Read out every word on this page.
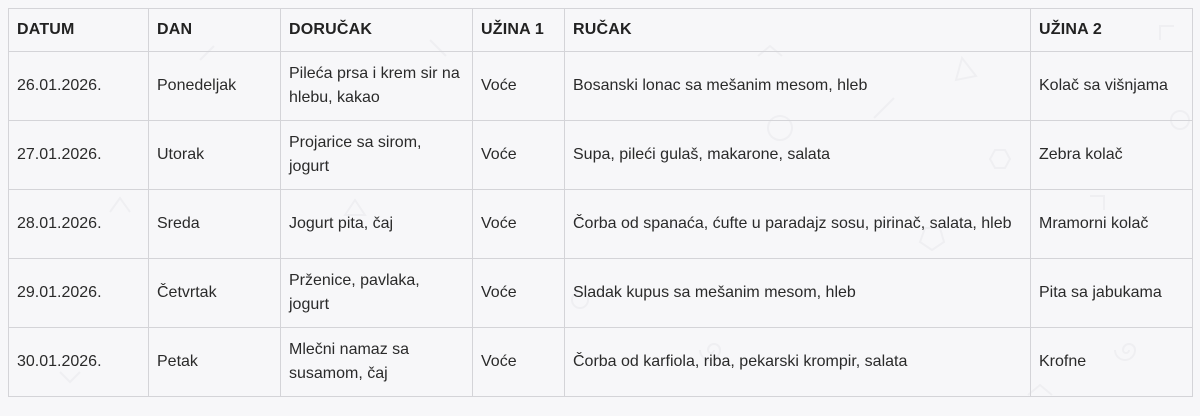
DATUM	DAN	DORUČAK	UŽINA 1	RUČAK	UŽINA 2
26.01.2026.	Ponedeljak	Pileća prsa i krem sir na hlebu, kakao	Voće	Bosanski lonac sa mešanim mesom, hleb	Kolač sa višnjama
27.01.2026.	Utorak	Projarice sa sirom, jogurt	Voće	Supa, pileći gulaš, makarone, salata	Zebra kolač
28.01.2026.	Sreda	Jogurt pita, čaj	Voće	Čorba od spanaća, ćufte u paradajz sosu, pirinač, salata, hleb	Mramorni kolač
29.01.2026.	Četvrtak	Prženice, pavlaka, jogurt	Voće	Sladak kupus sa mešanim mesom, hleb	Pita sa jabukama
30.01.2026.	Petak	Mlečni namaz sa susamom, čaj	Voće	Čorba od karfiola, riba, pekarski krompir, salata	Krofne
